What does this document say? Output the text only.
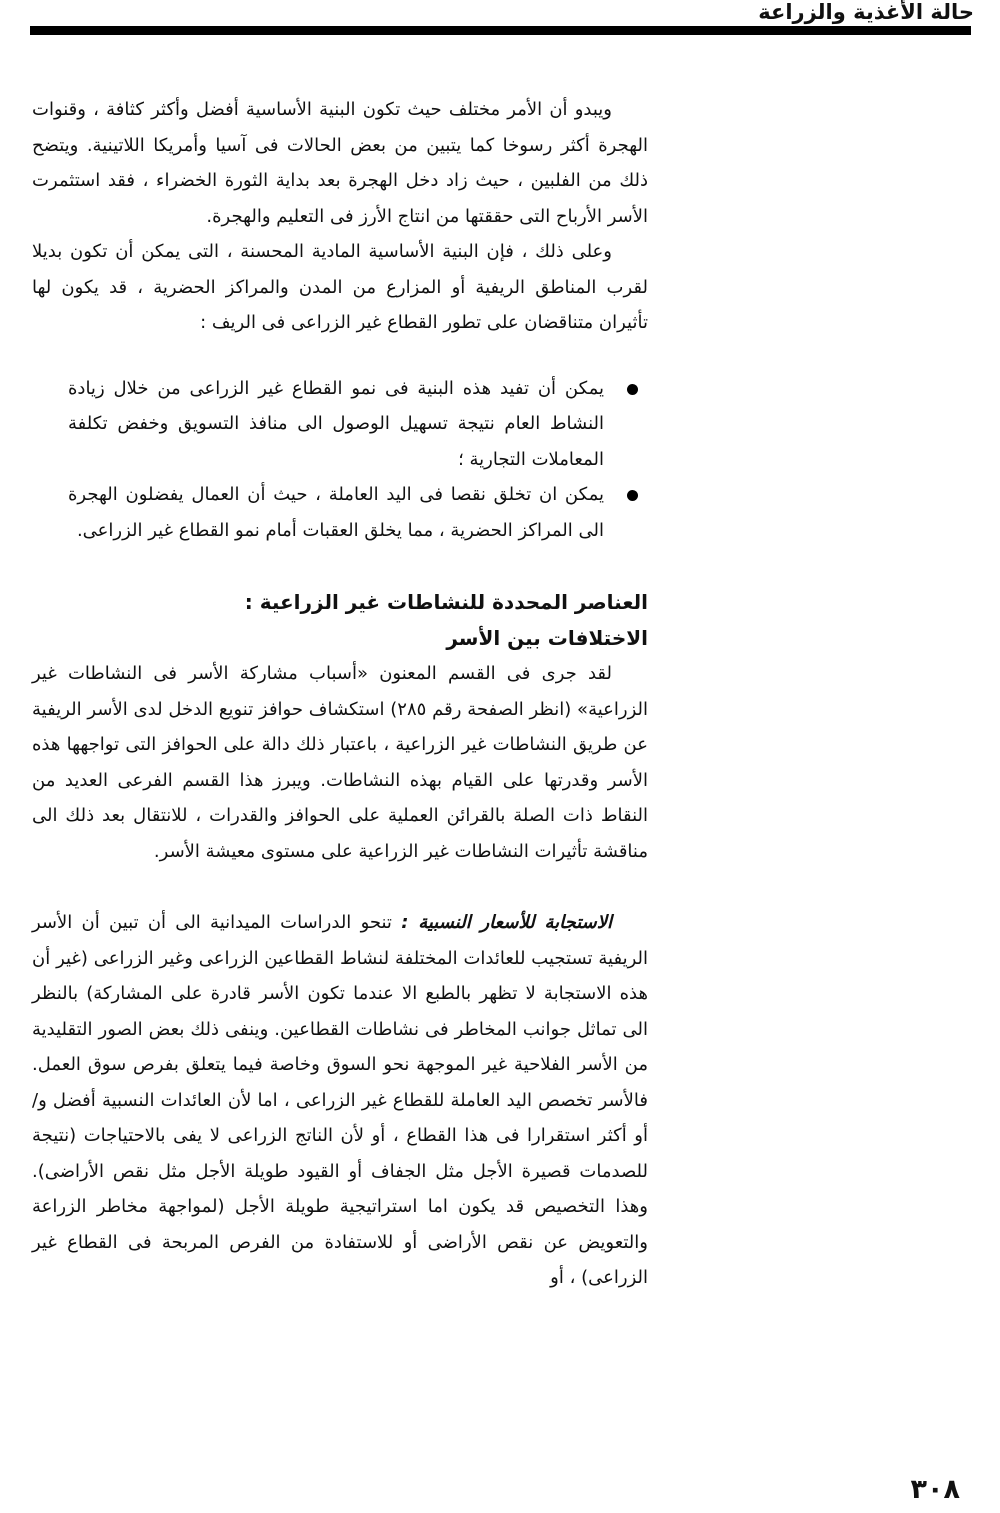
حالة الأغذية والزراعة

ويبدو أن الأمر مختلف حيث تكون البنية الأساسية أفضل وأكثر كثافة ، وقنوات الهجرة أكثر رسوخا كما يتبين من بعض الحالات فى آسيا وأمريكا اللاتينية. ويتضح ذلك من الفلبين ، حيث زاد دخل الهجرة بعد بداية الثورة الخضراء ، فقد استثمرت الأسر الأرباح التى حققتها من انتاج الأرز فى التعليم والهجرة.

وعلى ذلك ، فإن البنية الأساسية المادية المحسنة ، التى يمكن أن تكون بديلا لقرب المناطق الريفية أو المزارع من المدن والمراكز الحضرية ، قد يكون لها تأثيران متناقضان على تطور القطاع غير الزراعى فى الريف :

يمكن أن تفيد هذه البنية فى نمو القطاع غير الزراعى من خلال زيادة النشاط العام نتيجة تسهيل الوصول الى منافذ التسويق وخفض تكلفة المعاملات التجارية ؛
يمكن ان تخلق نقصا فى اليد العاملة ، حيث أن العمال يفضلون الهجرة الى المراكز الحضرية ، مما يخلق العقبات أمام نمو القطاع غير الزراعى.
العناصر المحددة للنشاطات غير الزراعية :
الاختلافات بين الأسر

لقد جرى فى القسم المعنون «أسباب مشاركة الأسر فى النشاطات غير الزراعية» (انظر الصفحة رقم ٢٨٥) استكشاف حوافز تنويع الدخل لدى الأسر الريفية عن طريق النشاطات غير الزراعية ، باعتبار ذلك دالة على الحوافز التى تواجهها هذه الأسر وقدرتها على القيام بهذه النشاطات. ويبرز هذا القسم الفرعى العديد من النقاط ذات الصلة بالقرائن العملية على الحوافز والقدرات ، للانتقال بعد ذلك الى مناقشة تأثيرات النشاطات غير الزراعية على مستوى معيشة الأسر.

الاستجابة للأسعار النسبية : تنحو الدراسات الميدانية الى أن تبين أن الأسر الريفية تستجيب للعائدات المختلفة لنشاط القطاعين الزراعى وغير الزراعى (غير أن هذه الاستجابة لا تظهر بالطبع الا عندما تكون الأسر قادرة على المشاركة) بالنظر الى تماثل جوانب المخاطر فى نشاطات القطاعين. وينفى ذلك بعض الصور التقليدية من الأسر الفلاحية غير الموجهة نحو السوق وخاصة فيما يتعلق بفرص سوق العمل. فالأسر تخصص اليد العاملة للقطاع غير الزراعى ، اما لأن العائدات النسبية أفضل و/ أو أكثر استقرارا فى هذا القطاع ، أو لأن الناتج الزراعى لا يفى بالاحتياجات (نتيجة للصدمات قصيرة الأجل مثل الجفاف أو القيود طويلة الأجل مثل نقص الأراضى). وهذا التخصيص قد يكون اما استراتيجية طويلة الأجل (لمواجهة مخاطر الزراعة والتعويض عن نقص الأراضى أو للاستفادة من الفرص المربحة فى القطاع غير الزراعى) ، أو

٣٠٨
